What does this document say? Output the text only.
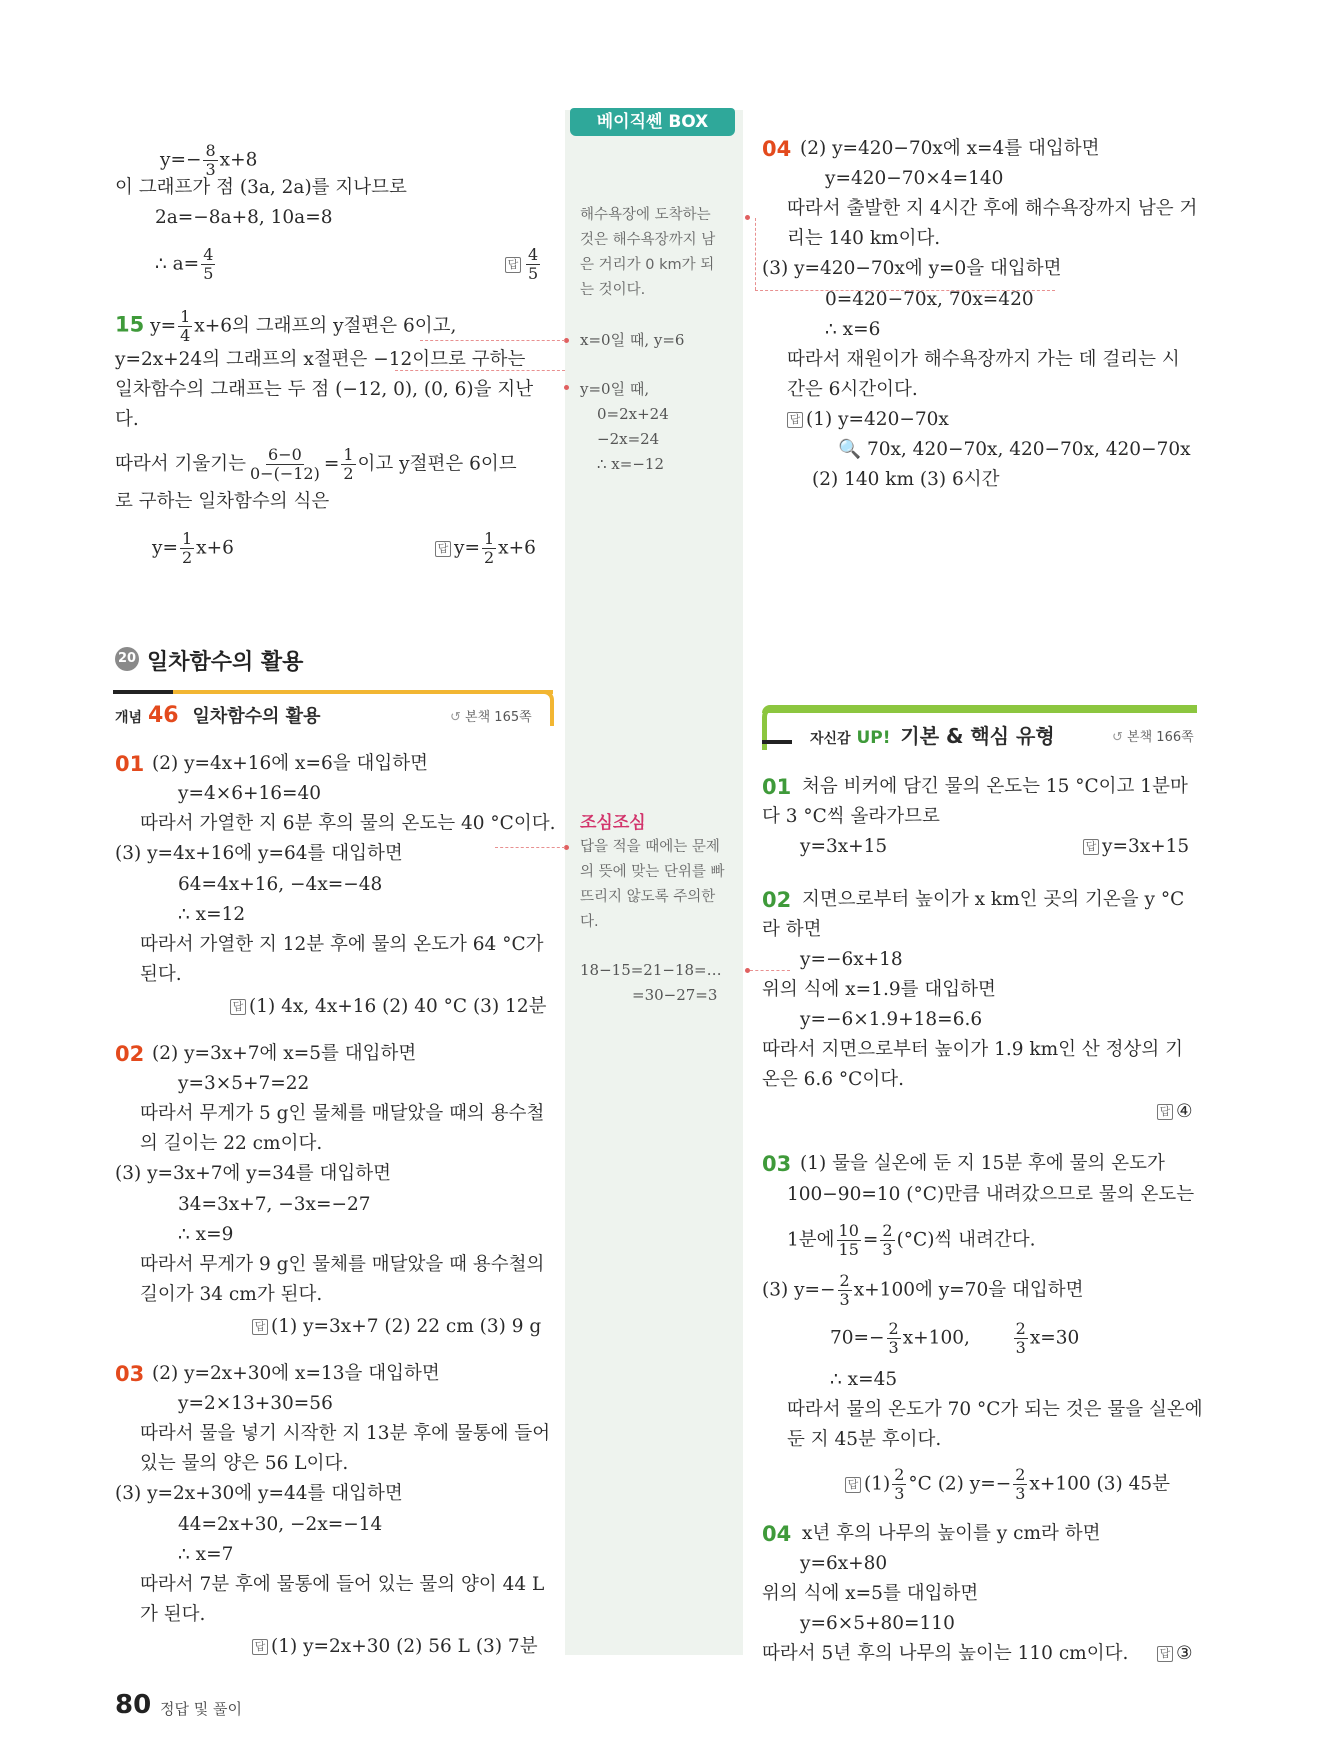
베이직쎈 BOX
해수욕장에 도착하는
것은 해수욕장까지 남
은 거리가 0 km가 되
는 것이다.
x=0일 때, y=6
y=0일 때,
0=2x+24
−2x=24
∴ x=−12
조심조심
답을 적을 때에는 문제
의 뜻에 맞는 단위를 빠
뜨리지 않도록 주의한
다.
18−15=21−18=…
=30−27=3
$y=- \frac{8}{3} x+8$
이 그래프가 점 (3a, 2a)를 지나므로
2a=−8a+8, 10a=8
∴ $a= \frac{4}{5}$	답 $\frac{4}{5}$
15 $y= \frac{1}{4} x+6$의 그래프의 y절편은 6이고,
y=2x+24의 그래프의 x절편은 −12이므로 구하는
일차함수의 그래프는 두 점 (−12, 0), (0, 6)을 지난
다.
따라서 기울기는 $\frac{6-0}{0-(-12)} = \frac{1}{2}$ 이고 y절편은 6이므
로 구하는 일차함수의 식은
$y= \frac{1}{2} x+6$	답 $y= \frac{1}{2} x+6$
20 일차함수의 활용
개념 46 일차함수의 활용	↺ 본책 165쪽
01 (2) y=4x+16에 x=6을 대입하면
y=4×6+16=40
따라서 가열한 지 6분 후의 물의 온도는 40 °C이다.
(3) y=4x+16에 y=64를 대입하면
64=4x+16, −4x=−48
∴ x=12
따라서 가열한 지 12분 후에 물의 온도가 64 °C가
된다.
답 (1) 4x, 4x+16 (2) 40 °C (3) 12분
02 (2) y=3x+7에 x=5를 대입하면
y=3×5+7=22
따라서 무게가 5 g인 물체를 매달았을 때의 용수철
의 길이는 22 cm이다.
(3) y=3x+7에 y=34를 대입하면
34=3x+7, −3x=−27
∴ x=9
따라서 무게가 9 g인 물체를 매달았을 때 용수철의
길이가 34 cm가 된다.
답 (1) y=3x+7 (2) 22 cm (3) 9 g
03 (2) y=2x+30에 x=13을 대입하면
y=2×13+30=56
따라서 물을 넣기 시작한 지 13분 후에 물통에 들어
있는 물의 양은 56 L이다.
(3) y=2x+30에 y=44를 대입하면
44=2x+30, −2x=−14
∴ x=7
따라서 7분 후에 물통에 들어 있는 물의 양이 44 L
가 된다.
답 (1) y=2x+30 (2) 56 L (3) 7분
04 (2) y=420−70x에 x=4를 대입하면
y=420−70×4=140
따라서 출발한 지 4시간 후에 해수욕장까지 남은 거
리는 140 km이다.
(3) y=420−70x에 y=0을 대입하면
0=420−70x, 70x=420
∴ x=6
따라서 재원이가 해수욕장까지 가는 데 걸리는 시
간은 6시간이다.
답 (1) y=420−70x
🔍 70x, 420−70x, 420−70x, 420−70x
(2) 140 km (3) 6시간
자신감 UP! 기본 & 핵심 유형	↺ 본책 166쪽
01 처음 비커에 담긴 물의 온도는 15 °C이고 1분마
다 3 °C씩 올라가므로
y=3x+15	답 y=3x+15
02 지면으로부터 높이가 x km인 곳의 기온을 y °C
라 하면
y=−6x+18
위의 식에 x=1.9를 대입하면
y=−6×1.9+18=6.6
따라서 지면으로부터 높이가 1.9 km인 산 정상의 기
온은 6.6 °C이다.
답 ④
03 (1) 물을 실온에 둔 지 15분 후에 물의 온도가
100−90=10 (°C)만큼 내려갔으므로 물의 온도는
1분에 $\frac{10}{15} = \frac{2}{3} (^\circ C)$씩 내려간다.
(3) $y=- \frac{2}{3} x+100$에 y=70을 대입하면
$70=- \frac{2}{3} x+100$,	$\frac{2}{3} x=30$
∴ x=45
따라서 물의 온도가 70 °C가 되는 것은 물을 실온에
둔 지 45분 후이다.
답 $(1) \frac{2}{3} ^\circ C$ (2) $y=- \frac{2}{3} x+100$ (3) 45분
04 x년 후의 나무의 높이를 y cm라 하면
y=6x+80
위의 식에 x=5를 대입하면
y=6×5+80=110
따라서 5년 후의 나무의 높이는 110 cm이다.	답 ③
80 정답 및 풀이
